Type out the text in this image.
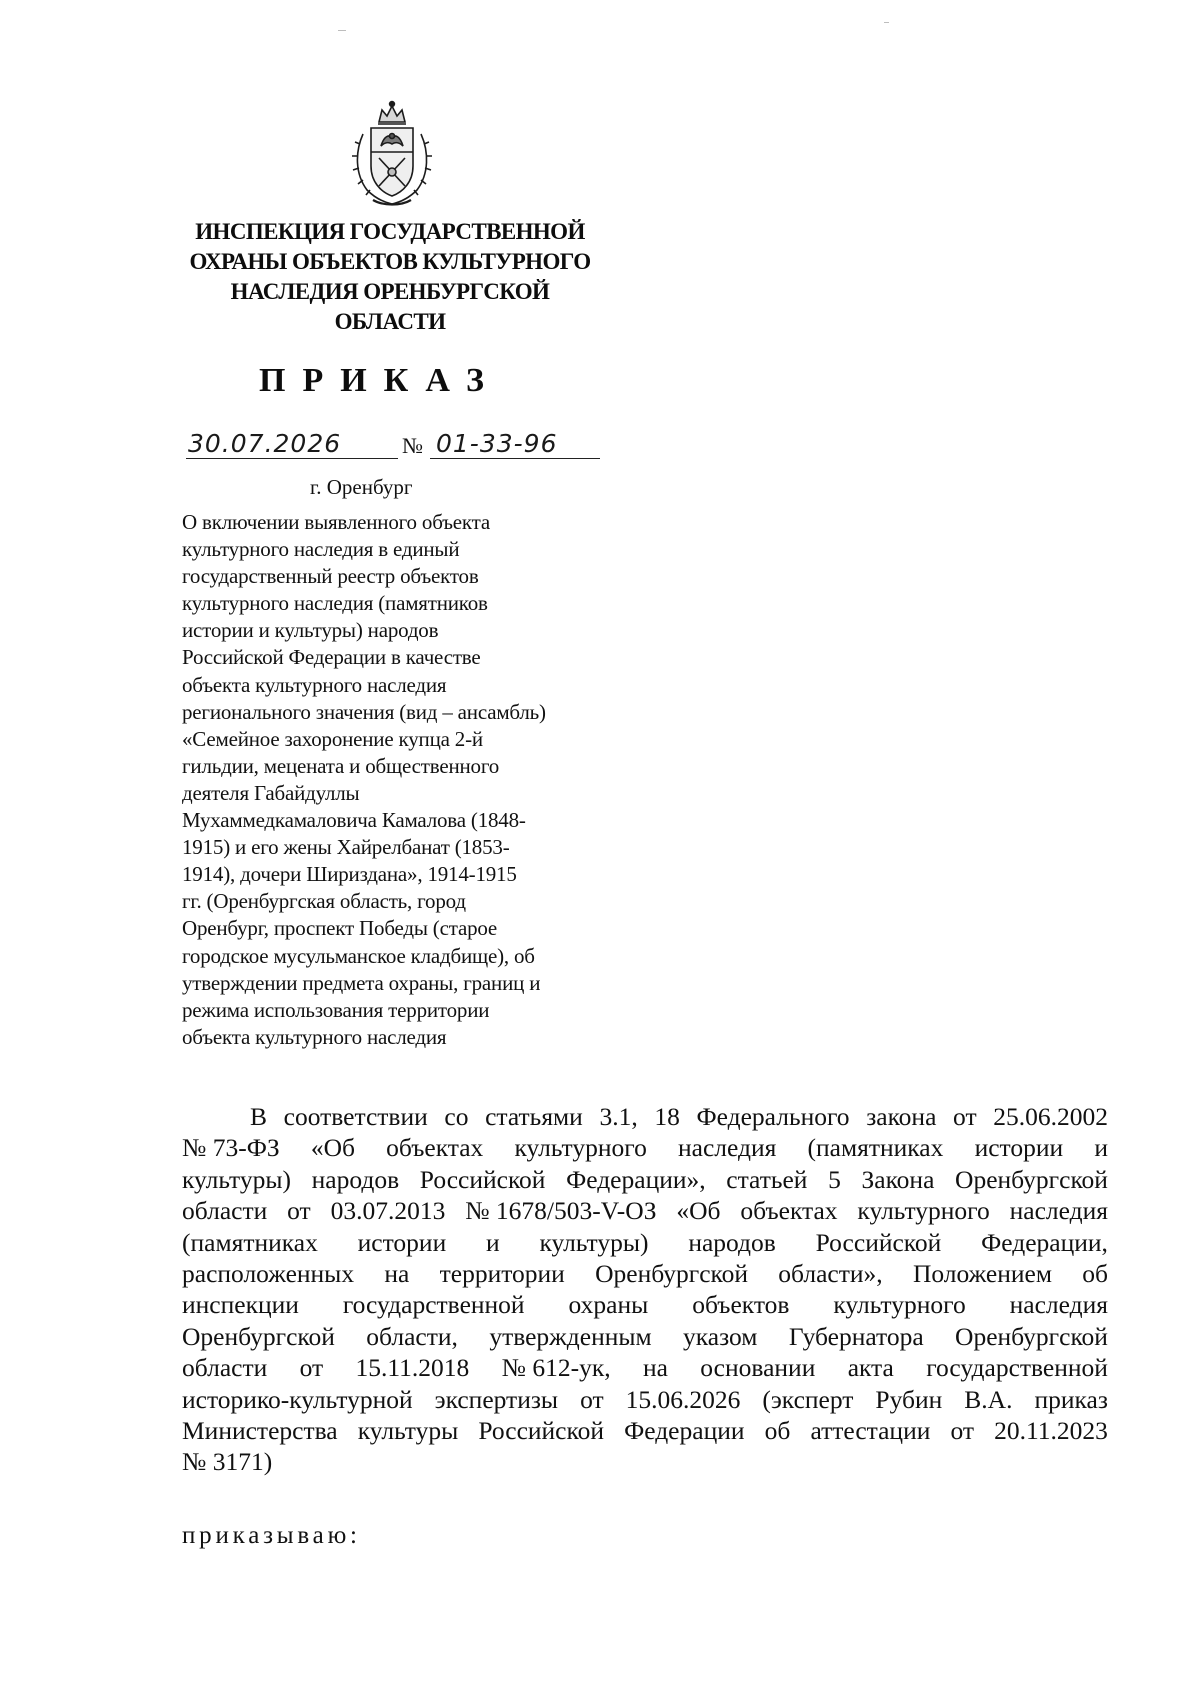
ИНСПЕКЦИЯ ГОСУДАРСТВЕННОЙ
ОХРАНЫ ОБЪЕКТОВ КУЛЬТУРНОГО
НАСЛЕДИЯ ОРЕНБУРГСКОЙ
ОБЛАСТИ
ПРИКАЗ
30.07.2026	№ 01-33-96
г. Оренбург
О включении выявленного объекта
культурного наследия в единый
государственный реестр объектов
культурного наследия (памятников
истории и культуры) народов
Российской Федерации в качестве
объекта культурного наследия
регионального значения (вид – ансамбль)
«Семейное захоронение купца 2-й
гильдии, мецената и общественного
деятеля Габайдуллы
Мухаммедкамаловича Камалова (1848-
1915) и его жены Хайрелбанат (1853-
1914), дочери Шириздана», 1914-1915
гг. (Оренбургская область, город
Оренбург, проспект Победы (старое
городское мусульманское кладбище), об
утверждении предмета охраны, границ и
режима использования территории
объекта культурного наследия
В соответствии со статьями 3.1, 18 Федерального закона от 25.06.2002
№ 73-ФЗ «Об объектах культурного наследия (памятниках истории и
культуры) народов Российской Федерации», статьей 5 Закона Оренбургской
области от 03.07.2013 № 1678/503-V-ОЗ «Об объектах культурного наследия
(памятниках истории и культуры) народов Российской Федерации,
расположенных на территории Оренбургской области», Положением об
инспекции государственной охраны объектов культурного наследия
Оренбургской области, утвержденным указом Губернатора Оренбургской
области от 15.11.2018 № 612-ук, на основании акта государственной
историко-культурной экспертизы от 15.06.2026 (эксперт Рубин В.А. приказ
Министерства культуры Российской Федерации об аттестации от 20.11.2023
№ 3171)
приказываю:
